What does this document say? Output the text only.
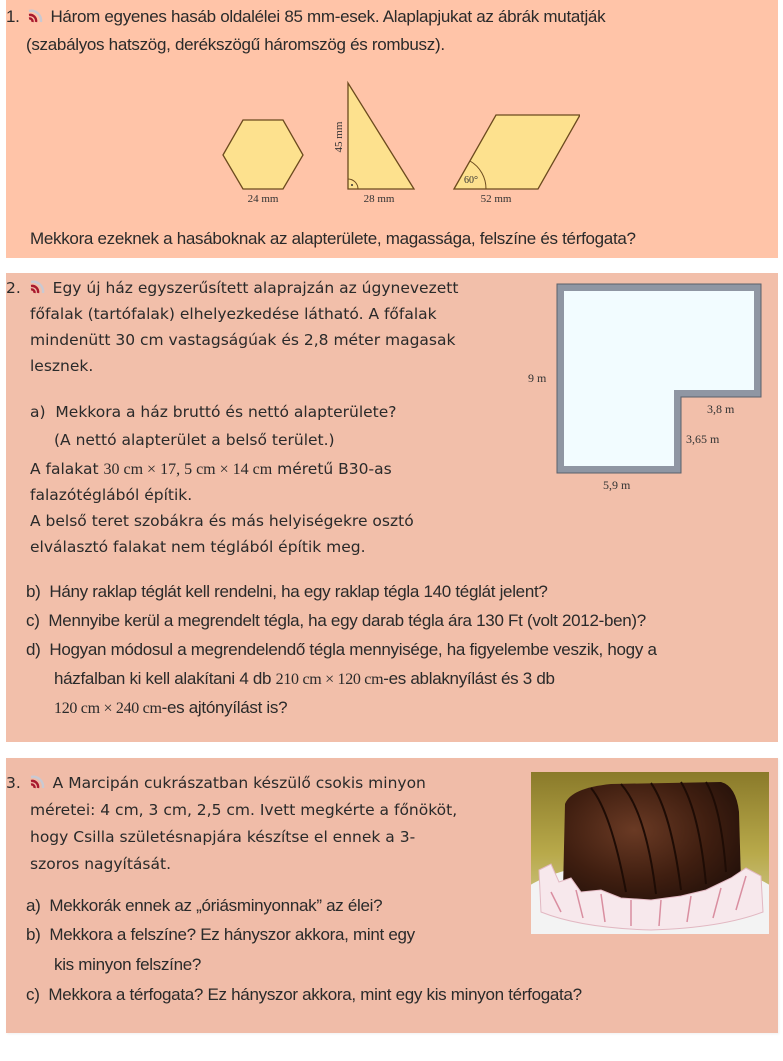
1. Három egyenes hasáb oldalélei 85 mm-esek. Alaplapjukat az ábrák mutatják
(szabályos hatszög, derékszögű háromszög és rombusz).
24 mm
45 mm
28 mm
60°
52 mm
Mekkora ezeknek a hasáboknak az alapterülete, magassága, felszíne és térfogata?
2. Egy új ház egyszerűsített alaprajzán az úgynevezett
főfalak (tartófalak) elhelyezkedése látható. A főfalak
mindenütt 30 cm vastagságúak és 2,8 méter magasak
lesznek.
a) Mekkora a ház bruttó és nettó alapterülete?
(A nettó alapterület a belső terület.)
A falakat 30 cm × 17, 5 cm × 14 cm méretű B30-as
falazótéglából építik.
A belső teret szobákra és más helyiségekre osztó
elválasztó falakat nem téglából építik meg.
b) Hány raklap téglát kell rendelni, ha egy raklap tégla 140 téglát jelent?
c) Mennyibe kerül a megrendelt tégla, ha egy darab tégla ára 130 Ft (volt 2012-ben)?
d) Hogyan módosul a megrendelendő tégla mennyisége, ha figyelembe veszik, hogy a
házfalban ki kell alakítani 4 db 210 cm × 120 cm-es ablaknyílást és 3 db
120 cm × 240 cm-es ajtónyílást is?
9 m
3,8 m
3,65 m
5,9 m
3. A Marcipán cukrászatban készülő csokis minyon
méretei: 4 cm, 3 cm, 2,5 cm. Ivett megkérte a főnököt,
hogy Csilla születésnapjára készítse el ennek a 3-
szoros nagyítását.
a) Mekkorák ennek az „óriásminyonnak” az élei?
b) Mekkora a felszíne? Ez hányszor akkora, mint egy
kis minyon felszíne?
c) Mekkora a térfogata? Ez hányszor akkora, mint egy kis minyon térfogata?
